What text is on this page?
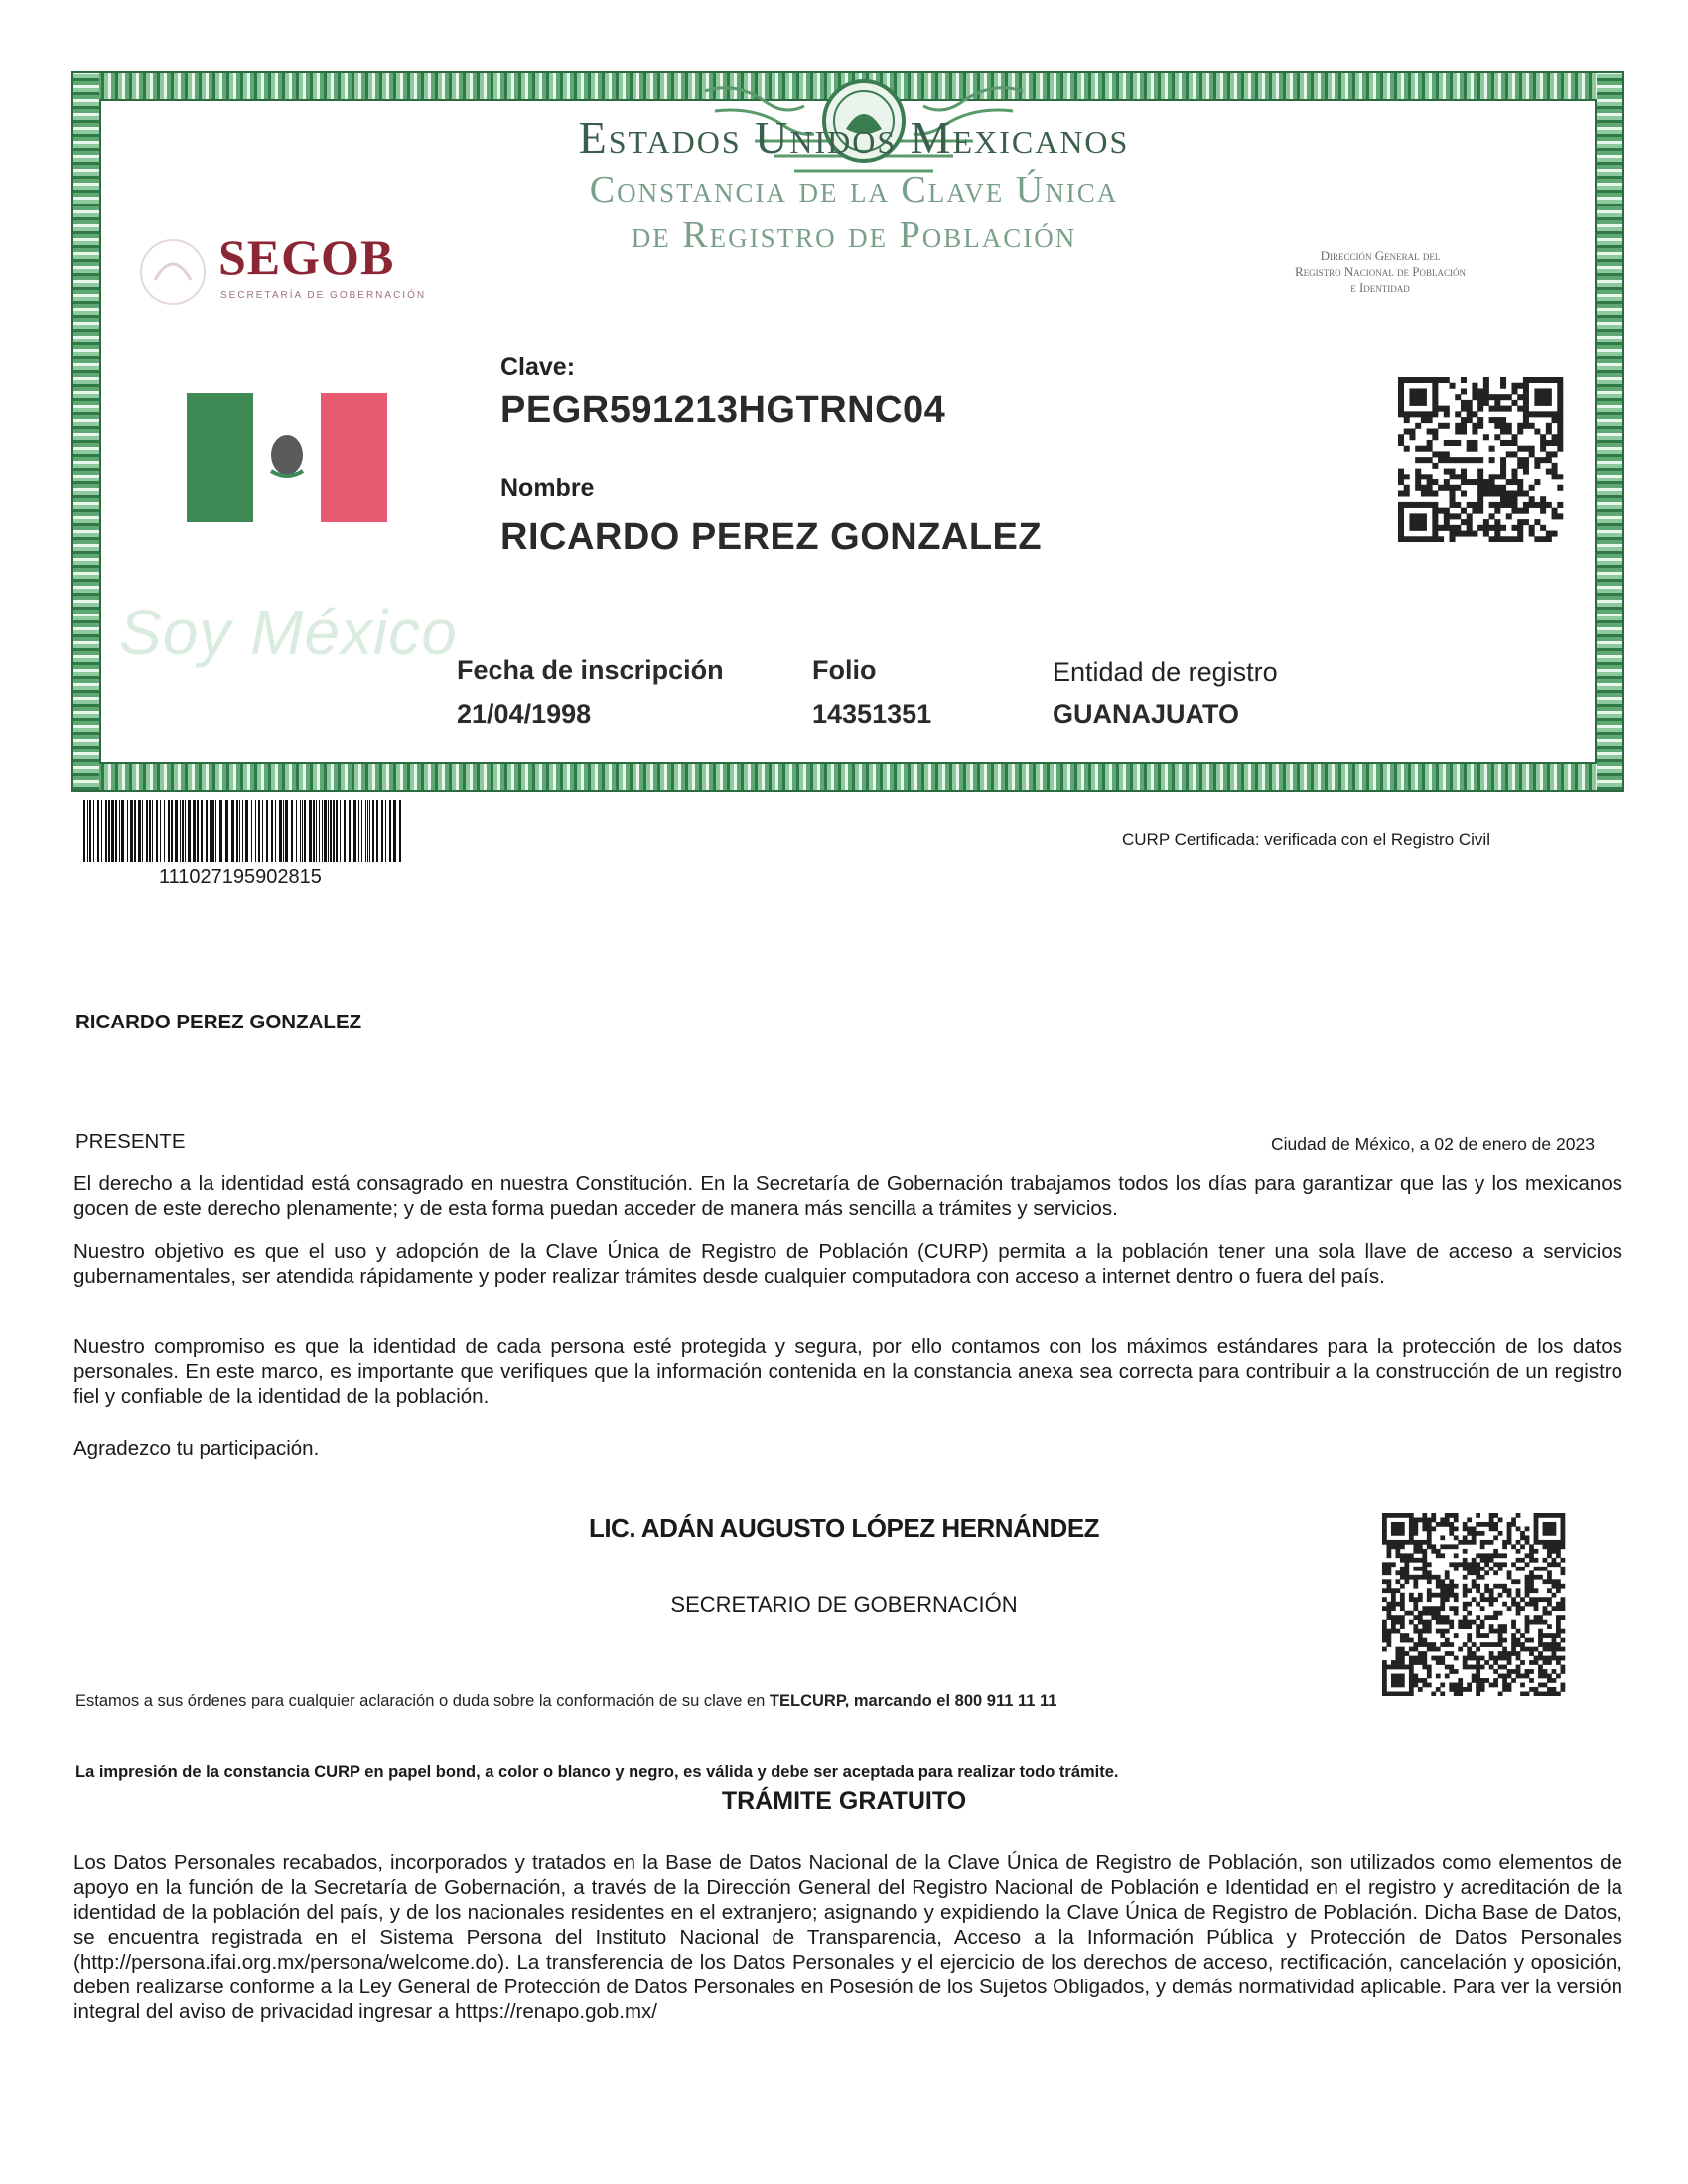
Estados Unidos Mexicanos
Constancia de la Clave Única
de Registro de Población
SEGOB
SECRETARÍA DE GOBERNACIÓN
Dirección General del
Registro Nacional de Población
e Identidad
Clave:
PEGR591213HGTRNC04
Nombre
RICARDO PEREZ GONZALEZ
Soy México
Fecha de inscripción
21/04/1998
Folio
14351351
Entidad de registro
GUANAJUATO
111027195902815
CURP Certificada: verificada con el Registro Civil
RICARDO PEREZ GONZALEZ
PRESENTE	Ciudad de México, a 02 de enero de 2023
El derecho a la identidad está consagrado en nuestra Constitución. En la Secretaría de Gobernación trabajamos todos los días para garantizar que las y los mexicanos gocen de este derecho plenamente; y de esta forma puedan acceder de manera más sencilla a trámites y servicios.
Nuestro objetivo es que el uso y adopción de la Clave Única de Registro de Población (CURP) permita a la población tener una sola llave de acceso a servicios gubernamentales, ser atendida rápidamente y poder realizar trámites desde cualquier computadora con acceso a internet dentro o fuera del país.
Nuestro compromiso es que la identidad de cada persona esté protegida y segura, por ello contamos con los máximos estándares para la protección de los datos personales. En este marco, es importante que verifiques que la información contenida en la constancia anexa sea correcta para contribuir a la construcción de un registro fiel y confiable de la identidad de la población.
Agradezco tu participación.
LIC. ADÁN AUGUSTO LÓPEZ HERNÁNDEZ
SECRETARIO DE GOBERNACIÓN
Estamos a sus órdenes para cualquier aclaración o duda sobre la conformación de su clave en TELCURP, marcando el 800 911 11 11
La impresión de la constancia CURP en papel bond, a color o blanco y negro, es válida y debe ser aceptada para realizar todo trámite.
TRÁMITE GRATUITO
Los Datos Personales recabados, incorporados y tratados en la Base de Datos Nacional de la Clave Única de Registro de Población, son utilizados como elementos de apoyo en la función de la Secretaría de Gobernación, a través de la Dirección General del Registro Nacional de Población e Identidad en el registro y acreditación de la identidad de la población del país, y de los nacionales residentes en el extranjero; asignando y expidiendo la Clave Única de Registro de Población. Dicha Base de Datos, se encuentra registrada en el Sistema Persona del Instituto Nacional de Transparencia, Acceso a la Información Pública y Protección de Datos Personales (http://persona.ifai.org.mx/persona/welcome.do). La transferencia de los Datos Personales y el ejercicio de los derechos de acceso, rectificación, cancelación y oposición, deben realizarse conforme a la Ley General de Protección de Datos Personales en Posesión de los Sujetos Obligados, y demás normatividad aplicable. Para ver la versión integral del aviso de privacidad ingresar a https://renapo.gob.mx/
